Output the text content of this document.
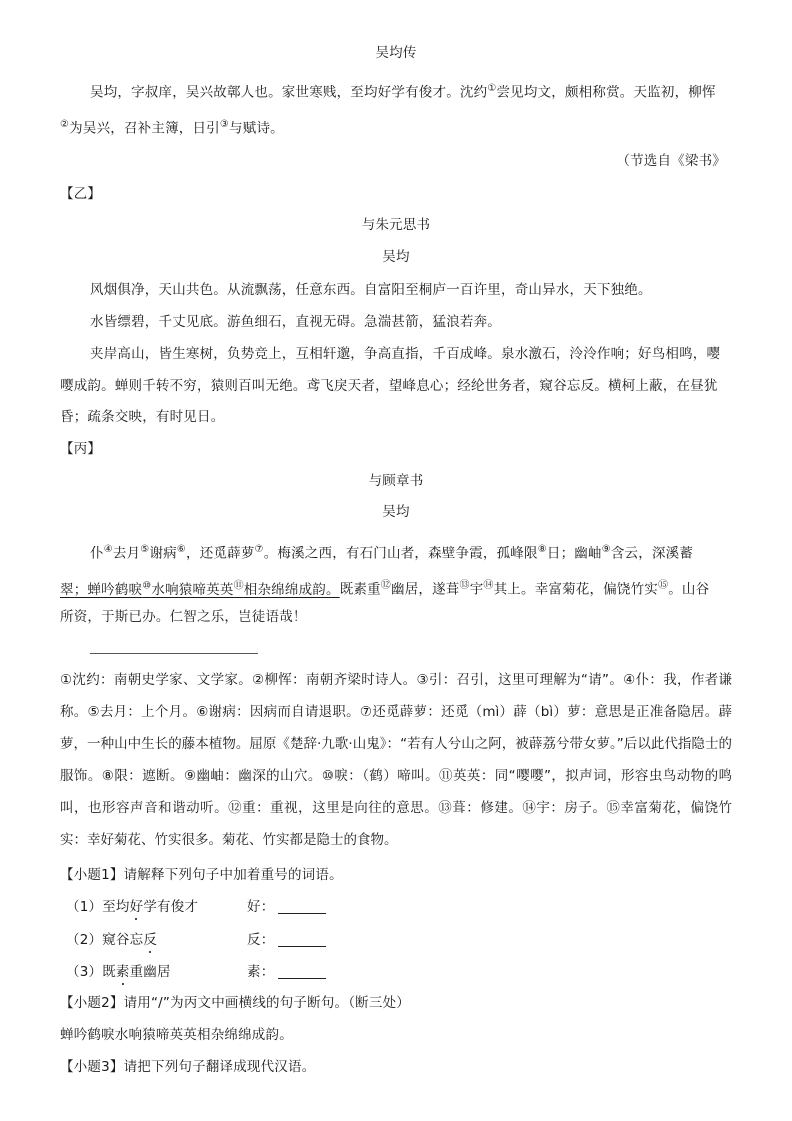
吴均传
吴均，字叔庠，吴兴故鄣人也。家世寒贱，至均好学有俊才。沈约①尝见均文，颇相称赏。天监初，柳恽
②为吴兴，召补主簿，日引③与赋诗。
（节选自《梁书》
【乙】
与朱元思书
吴均
风烟俱净，天山共色。从流飘荡，任意东西。自富阳至桐庐一百许里，奇山异水，天下独绝。
水皆缥碧，千丈见底。游鱼细石，直视无碍。急湍甚箭，猛浪若奔。
夹岸高山，皆生寒树，负势竞上，互相轩邈，争高直指，千百成峰。泉水激石，泠泠作响；好鸟相鸣，嘤
嘤成韵。蝉则千转不穷，猿则百叫无绝。鸢飞戾天者，望峰息心；经纶世务者，窥谷忘反。横柯上蔽，在昼犹
昏；疏条交映，有时见日。
【丙】
与顾章书
吴均
仆④去月⑤谢病⑥，还觅薜萝⑦。梅溪之西，有石门山者，森壁争霞，孤峰限⑧日；幽岫⑨含云，深溪蓄
翠；蝉吟鹤唳⑩水响猿啼英英⑪相杂绵绵成韵。既素重⑫幽居，遂葺⑬宇⑭其上。幸富菊花，偏饶竹实⑮。山谷
所资，于斯已办。仁智之乐，岂徒语哉！
①沈约：南朝史学家、文学家。②柳恽：南朝齐梁时诗人。③引：召引，这里可理解为“请”。④仆：我，作者谦称。⑤去月：上个月。⑥谢病：因病而自请退职。⑦还觅薜萝：还觅（mì）薜（bì）萝：意思是正准备隐居。薜萝，一种山中生长的藤本植物。屈原《楚辞·九歌·山鬼》：“若有人兮山之阿，被薜荔兮带女萝。”后以此代指隐士的服饰。⑧限：遮断。⑨幽岫：幽深的山穴。⑩唳：（鹤）啼叫。⑪英英：同“嘤嘤”，拟声词，形容虫鸟动物的鸣叫，也形容声音和谐动听。⑫重：重视，这里是向往的意思。⑬葺：修建。⑭宇：房子。⑮幸富菊花，偏饶竹实：幸好菊花、竹实很多。菊花、竹实都是隐士的食物。
【小题1】请解释下列句子中加着重号的词语。
（1）至均好学有俊才	好：
（2）窥谷忘反	反：
（3）既素重幽居	素：
【小题2】请用“/”为丙文中画横线的句子断句。（断三处）
蝉吟鹤唳水响猿啼英英相杂绵绵成韵。
【小题3】请把下列句子翻译成现代汉语。
